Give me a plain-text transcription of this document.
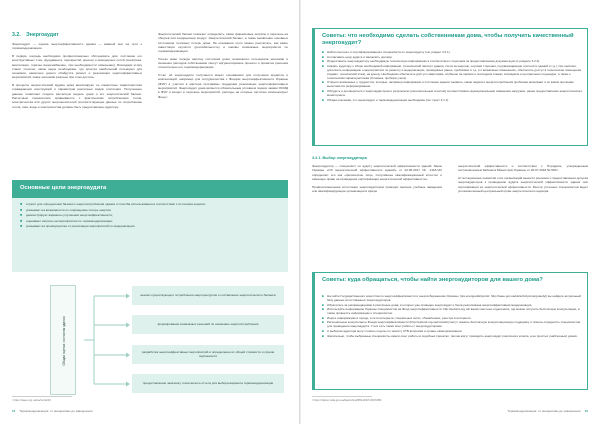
3.2. Энергоаудит

Энергоаудит — оценка энергоэффективности здания — важный шаг на пути к термомодернизации.

В первую очередь необходимо профессионально обследовать дом: состояние его конструктивных стен, фундамента, перекрытий, крыши) и инженерных сетей (электрика, вентиляция, горячее водоснабжение, при необходимости освещение). Благодаря этому станет понятно, какие меры необходимы, где кроется наибольший потенциал для экономии, насколько дорого обойдутся ремонт и реализация энергоэффективных мероприятий, какие экономии реально при этом достичь.

В процессе энергетический аудиин дома анализируют ее конкретные характеристики ограждающих конструкций и параметров различных видов отопления. Полученные данные позволяют создать расчетную модель дома и его энергетический баланс. Расчетным показателем сравнивается с фактическим потреблением тепла, электричества или других энергоносителей (соответствующие данные по потреблению тепла, газа, воды и электричества должны быть предоставлены аудитору.

Энергетический баланс помогает определить, какие финансовые затраты и перечень на обогрев или кондиционер воздух. Энергетический баланс, а также выявление основных источников тепловых потерь дома. На основании этого можно рассчитать, как какие инвестиции окупятся (рентабельность) и каковы возможные мероприятия по термомодернизации.

Только ниже полную картину состояния дома, возможного потенциала экономии и снижения расходов собственники смогут аргументировать проекты и принятия решения относительно его термомодернизации.

Отчет об энергоаудите получается может основанием для получения кредитов и компенсаций, например для сотрудничества с Фондом энергоэффективности Украины (ФЭУ) в участия в мастера программы поддержки реализации энергоэффективных мероприятий. Энергоаудит дома является обязательным условием подачи заявки ОСМД в ФЭУ и входит в перечень мероприятий, расходы на которые частично компенсирует Фонд.¹

Основные цели энергоаудита
■ служит для определения базового энергопотребления здания и способа использования в соответствии с источника энергии;
■ указывает на возможности по сокращению потерь энергии;
■ демонстрирует варианты улучшения энергоэффективности;
■ оценивает затраты на мероприятия по термомодернизации;
■ указывает на преимущества от реализации мероприятий по модернизации.
Общая оценка состояния здания
анализ существующего потребления энергоресурсов и составление энергетического баланса
формирование возможных решений по снижению энергопотребления
разработка энергоэффективных мероприятий и определение их общей стоимости и сроков окупаемости
предоставление заказчику технического отчета для выбора варианта термомодернизации
¹ https://saee.org.ua/ua/ru/cat/10
14 Термомодернизация: от инициативы до завершения
Советы: что необходимо сделать собственникам дома, чтобы получить качественный энергоаудит?
■ Найти опытного и сертифицированного специалиста по энергоаудиту (см. раздел 3.2.1).
■ Согласовать цену аудита и заключить договор.
■ Предоставить энергоаудитору необходимую техническую информацию в соответствии с перечнем за предоставлением документации (с разделе 3.2.2).
■ Сказать аудитору о сборе необходимой информации: (технический паспорт здания, счета за энергию, чертежи строения, подтверждающие плотности зданий и т.д.), при наличии, дополнить информацию о мероприятиях по ремонту и модернизации, проводимых ранее, проблемах и т.д. и о возможных изменениях, обеспечить доступ в технические помещения (подвал, технический этаж), на крышу. Необходимо обеспечить доступ к квартирам, особенно на первом и последнем этажах, впорядком и центральных подъездах, а также к техническим характеристикам (Спомнек, прибора учета).
■ Открыто возможных о трудностях, которые, например информации и состояние здании: выявить, какие задача и энергопотребления проблемы возникают и по каким причинам выполняется реформирование.
■ Обсудить и договориться с энергоаудитором о результатах (окончательным отчетом) соответствовать функциональным изменения нагрузках, ранее предоставление энергетического мониторинга.
■ Общая ключевая, что энергоаудит и термомодернизация необходимы (см. пункт 3.1.1).
3.2.1. Выбор энергоаудитора

Энергоаудитор — специалист по аудиту энергетической эффективности зданий. Закон Украины «Об энергетической эффективности зданий» от 22.06.2017 № 2118-VIII определяет его как «физическое лицо, получившее квалификационный аттестат и имеющее право на проведение сертификации энергетической эффективности».

Профессиональная аттестация энергоаудиторов проводит высшие учебные заведения или квалифицирующие организации в сфере

энергетической эффективности и соответствии с Порядком, утвержденным постановлением Кабинета Министров Украины от 26.07.2018 № 583.²

Аттестационные комиссии этих организаций выносят решения о предоставлении допуска энергоаудиторов к проведению аудита энергетической эффективности здания или сертификации их энергетической эффективности. Реестр учтенных специалистов ведет уполномоченный центральный орган энергетического надзора.

Советы: куда обращаться, чтобы найти энергоаудиторов для вашего дома?
■ На сайте Государственного агентства по энергоэффективности и энергосбережению Украины: (На energoefektyvnist: http://saee.gov.ua/uk/activity/energoaudyt) вы найдете актуальный базу данных аттестованных энергоаудиторов.
■ Обратитесь за рекомендациями в различные дома, в которых уже проведен энергоаудит и была реализована энергоэффективная модернизация.
■ Используйте информацию Украины специалистов на Фонд энергоэффективности: http://eefund.org.ua/ ваших местных отделениях, где можно получить бесплатную консультацию, а также проверить информацию о специалистах.
■ Ищите информацию в городе, в сети интернета, социальных сетях, объявлениях, реестре в интернете.
■ Региональные консультанты Фонда энергоэффективности (http://eefund.org.ua/contacts) могут оказать бесплатную консультационную поддержку и помочь определить специалистов для проведения энергоаудита. У них есть также опыт работы с энергоаудиторами.
■ С выбором аудитора могут помочь отделы по захисту СТВ вопросам и органы самоорганизации.
■ Желательно, чтобы выбранные специалисты имели опыт работы в подобных проектах, так как могут проводить энергоаудит различного класса, а не простых (шаблонных) домов.
² https://zakon.rada.gov.ua/laws/show/583-2018-%D0%BF
Термомодернизация: от инициативы до завершения 15
